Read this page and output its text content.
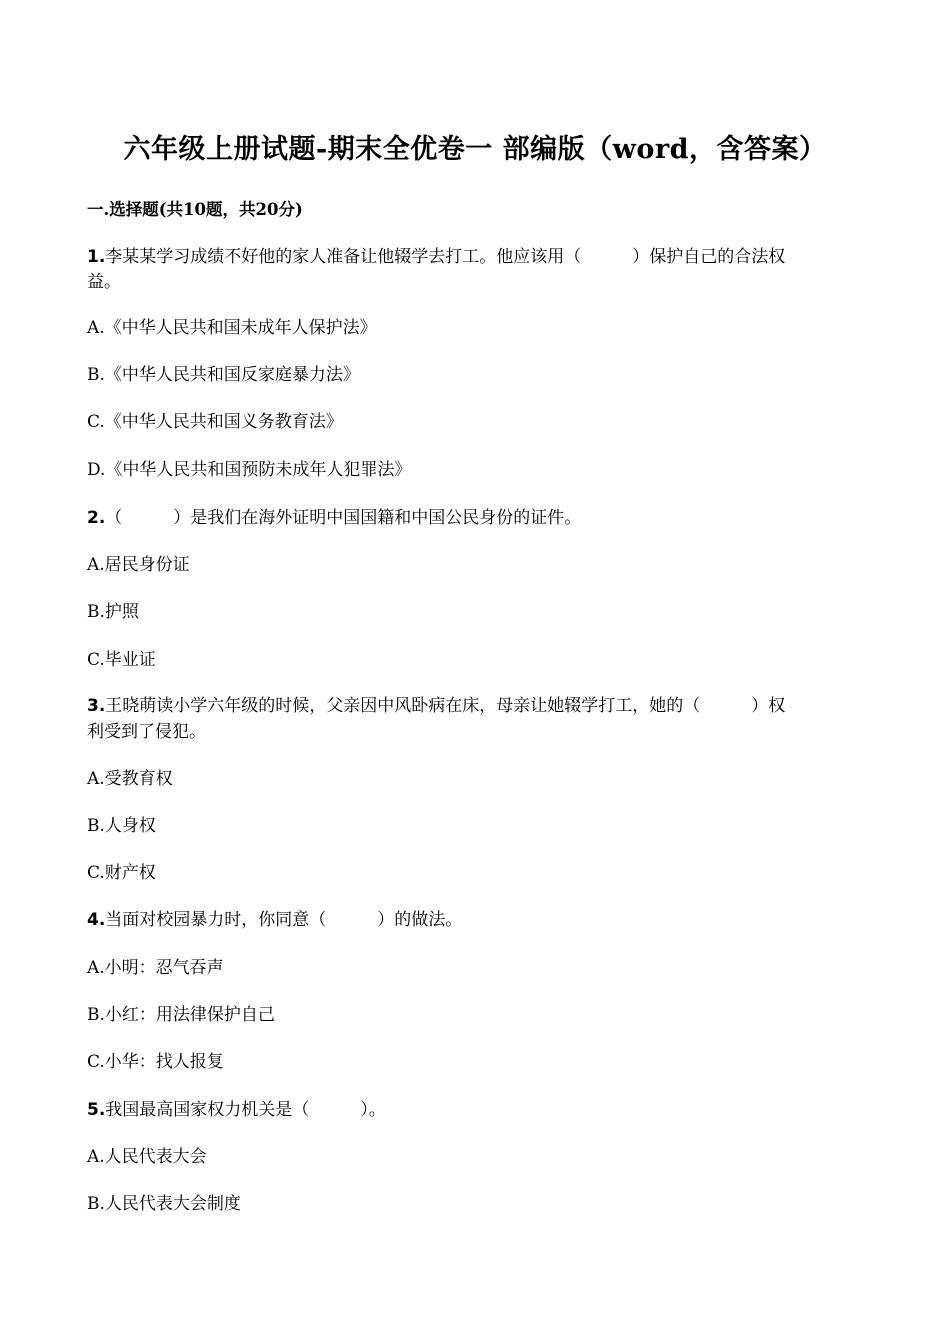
六年级上册试题-期末全优卷一 部编版（word，含答案）
一.选择题(共10题，共20分)
1.李某某学习成绩不好他的家人准备让他辍学去打工。他应该用（　　　）保护自己的合法权
益。
A.《中华人民共和国未成年人保护法》
B.《中华人民共和国反家庭暴力法》
C.《中华人民共和国义务教育法》
D.《中华人民共和国预防未成年人犯罪法》
2.（　　　）是我们在海外证明中国国籍和中国公民身份的证件。
A.居民身份证
B.护照
C.毕业证
3.王晓萌读小学六年级的时候，父亲因中风卧病在床，母亲让她辍学打工，她的（　　　）权
利受到了侵犯。
A.受教育权
B.人身权
C.财产权
4.当面对校园暴力时，你同意（　　　）的做法。
A.小明：忍气吞声
B.小红：用法律保护自己
C.小华：找人报复
5.我国最高国家权力机关是（　　　）。
A.人民代表大会
B.人民代表大会制度
